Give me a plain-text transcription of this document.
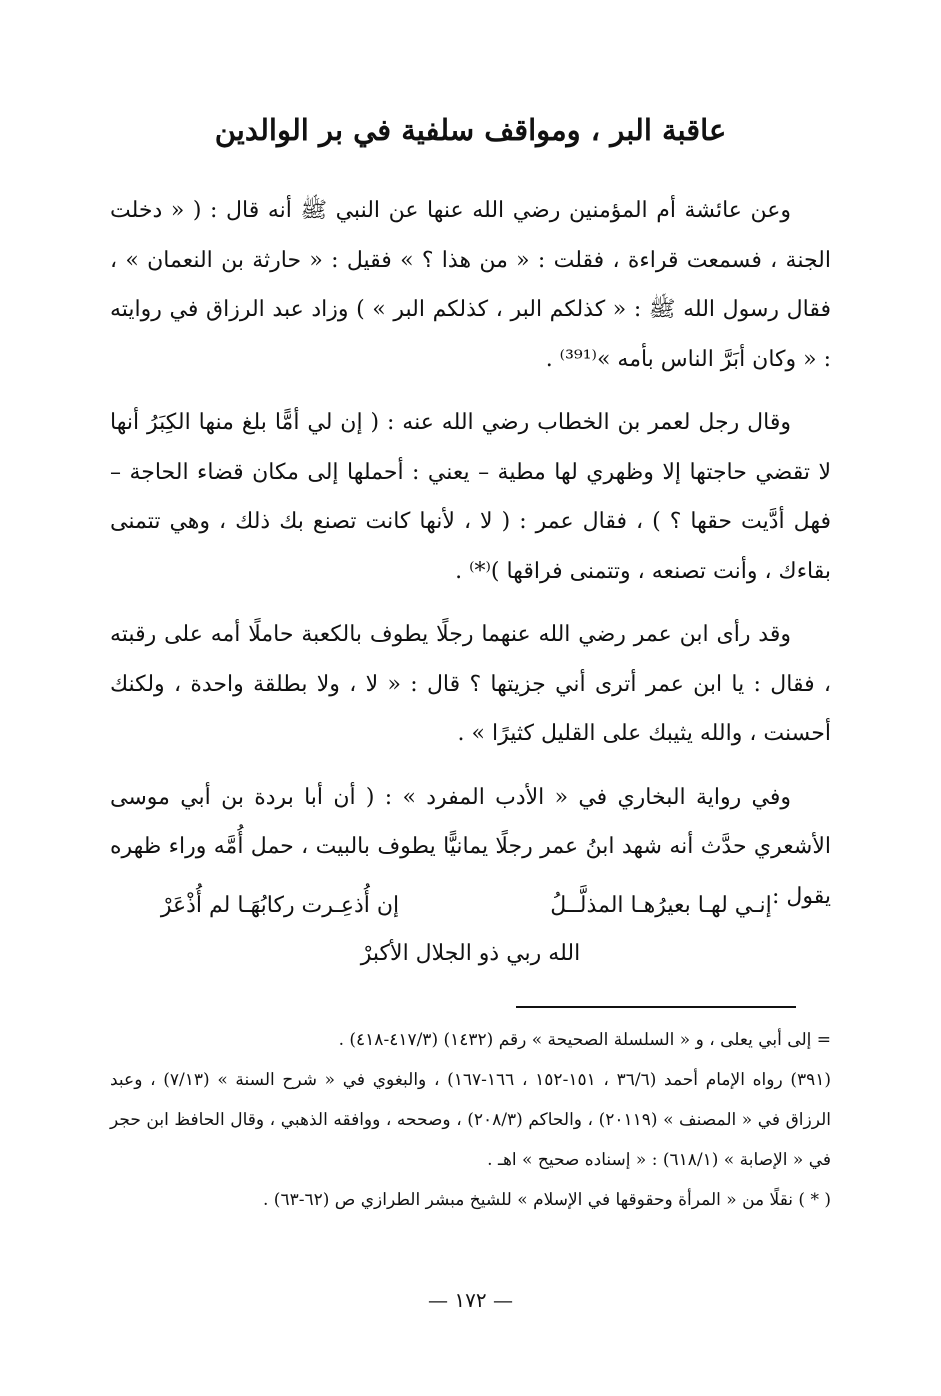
عاقبة البر ، ومواقف سلفية في بر الوالدين

وعن عائشة أم المؤمنين رضي الله عنها عن النبي ﷺ أنه قال : ( « دخلت الجنة ، فسمعت قراءة ، فقلت : « من هذا ؟ » فقيل : « حارثة بن النعمان » ، فقال رسول الله ﷺ : « كذلكم البر ، كذلكم البر » ) وزاد عبد الرزاق في روايته : « وكان أبَرَّ الناس بأمه »⁽³⁹¹⁾ .

وقال رجل لعمر بن الخطاب رضي الله عنه : ( إن لي أمًّا بلغ منها الكِبَرُ أنها لا تقضي حاجتها إلا وظهري لها مطية – يعني : أحملها إلى مكان قضاء الحاجة – فهل أدَّيت حقها ؟ ) ، فقال عمر : ( لا ، لأنها كانت تصنع بك ذلك ، وهي تتمنى بقاءك ، وأنت تصنعه ، وتتمنى فراقها )⁽*⁾ .

وقد رأى ابن عمر رضي الله عنهما رجلًا يطوف بالكعبة حاملًا أمه على رقبته ، فقال : يا ابن عمر أترى أني جزيتها ؟ قال : « لا ، ولا بطلقة واحدة ، ولكنك أحسنت ، والله يثيبك على القليل كثيرًا » .

وفي رواية البخاري في « الأدب المفرد » : ( أن أبا بردة بن أبي موسى الأشعري حدَّث أنه شهد ابنُ عمر رجلًا يمانيًّا يطوف بالبيت ، حمل أُمَّه وراء ظهره يقول :

إنـي لهـا بعيرُهـا المذلَّــلُ
إن أُذعِـرت ركابُهَـا لم أُذْعَرْ
الله ربي ذو الجلال الأكبرْ

= إلى أبي يعلى ، و « السلسلة الصحيحة » رقم (١٤٣٢) (٤١٧/٣-٤١٨) .

(٣٩١) رواه الإمام أحمد (٣٦/٦ ، ١٥١-١٥٢ ، ١٦٦-١٦٧) ، والبغوي في « شرح السنة » (٧/١٣) ، وعبد الرزاق في « المصنف » (٢٠١١٩) ، والحاكم (٢٠٨/٣) ، وصححه ، ووافقه الذهبي ، وقال الحافظ ابن حجر في « الإصابة » (٦١٨/١) : « إسناده صحيح » اهـ .

( * ) نقلًا من « المرأة وحقوقها في الإسلام » للشيخ مبشر الطرازي ص (٦٢-٦٣) .

— ١٧٢ —
